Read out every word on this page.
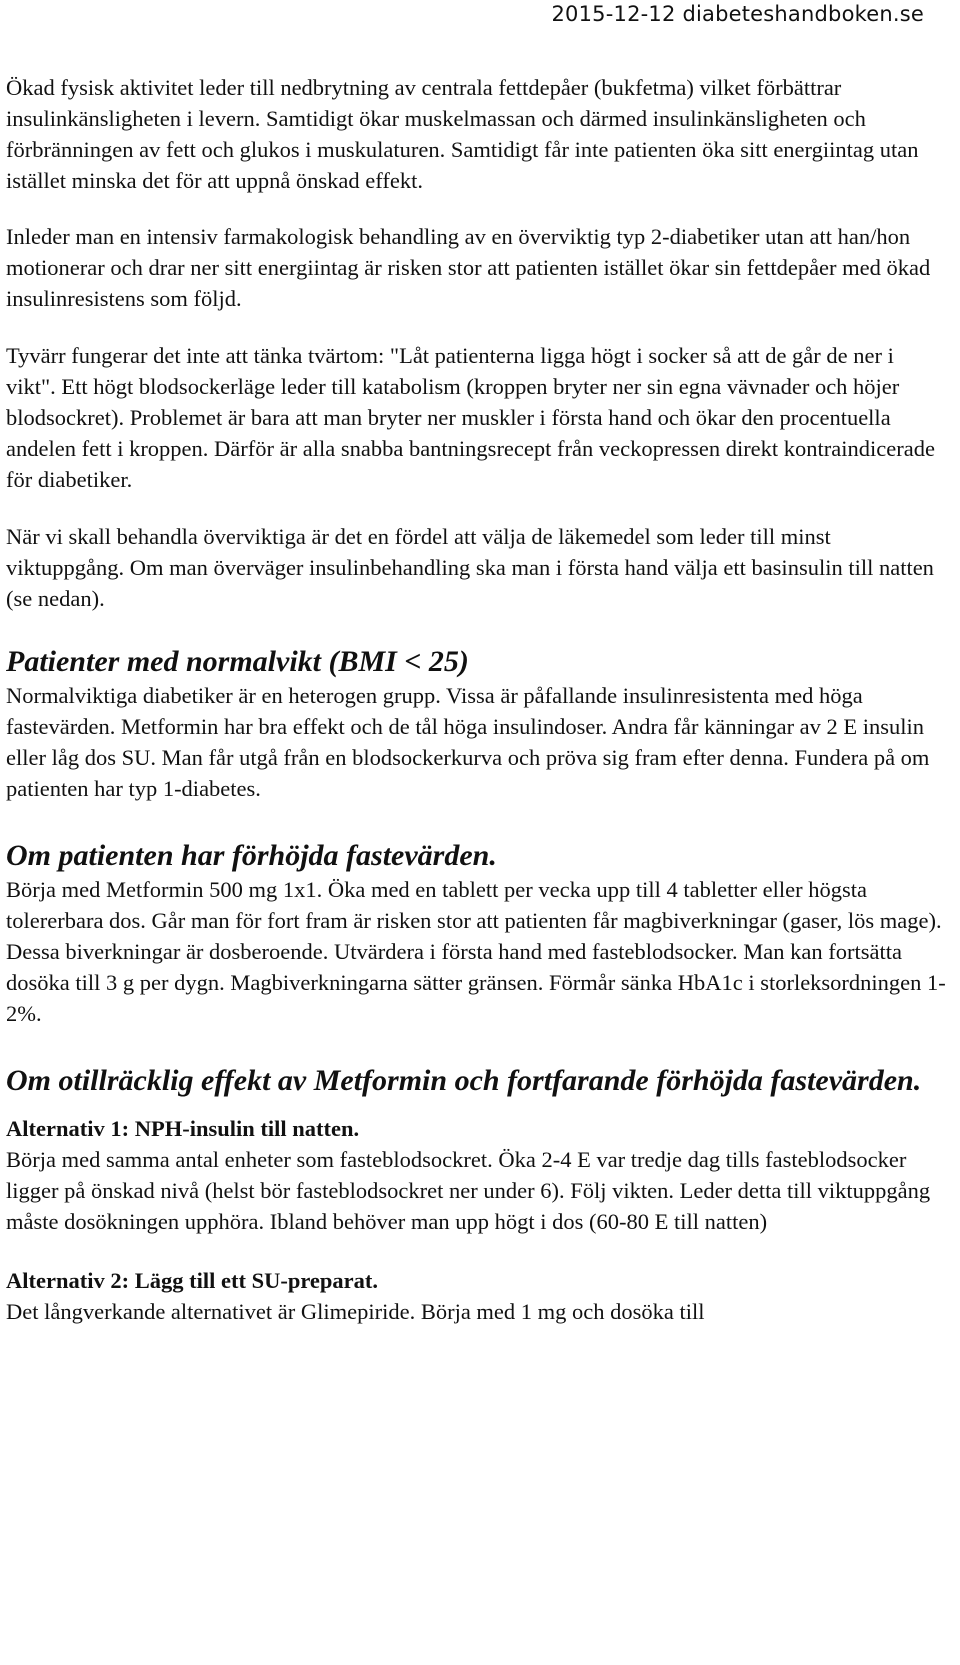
2015-12-12 diabeteshandboken.se

Ökad fysisk aktivitet leder till nedbrytning av centrala fettdepåer (bukfetma) vilket förbättrar insulinkänsligheten i levern. Samtidigt ökar muskelmassan och därmed insulinkänsligheten och förbränningen av fett och glukos i muskulaturen. Samtidigt får inte patienten öka sitt energiintag utan istället minska det för att uppnå önskad effekt.

Inleder man en intensiv farmakologisk behandling av en överviktig typ 2-diabetiker utan att han/hon motionerar och drar ner sitt energiintag är risken stor att patienten istället ökar sin fettdepåer med ökad insulinresistens som följd.

Tyvärr fungerar det inte att tänka tvärtom: "Låt patienterna ligga högt i socker så att de går de ner i vikt". Ett högt blodsockerläge leder till katabolism (kroppen bryter ner sin egna vävnader och höjer blodsockret). Problemet är bara att man bryter ner muskler i första hand och ökar den procentuella andelen fett i kroppen. Därför är alla snabba bantningsrecept från veckopressen direkt kontraindicerade för diabetiker.

När vi skall behandla överviktiga är det en fördel att välja de läkemedel som leder till minst viktuppgång. Om man överväger insulinbehandling ska man i första hand välja ett basinsulin till natten (se nedan).

Patienter med normalvikt (BMI < 25)

Normalviktiga diabetiker är en heterogen grupp. Vissa är påfallande insulinresistenta med höga fastevärden. Metformin har bra effekt och de tål höga insulindoser. Andra får känningar av 2 E insulin eller låg dos SU. Man får utgå från en blodsockerkurva och pröva sig fram efter denna. Fundera på om patienten har typ 1-diabetes.

Om patienten har förhöjda fastevärden.

Börja med Metformin 500 mg 1x1. Öka med en tablett per vecka upp till 4 tabletter eller högsta tolererbara dos. Går man för fort fram är risken stor att patienten får magbiverkningar (gaser, lös mage). Dessa biverkningar är dosberoende. Utvärdera i första hand med fasteblodsocker. Man kan fortsätta dosöka till 3 g per dygn. Magbiverkningarna sätter gränsen. Förmår sänka HbA1c i storleksordningen 1-2%.

Om otillräcklig effekt av Metformin och fortfarande förhöjda fastevärden.

Alternativ 1: NPH-insulin till natten.

Börja med samma antal enheter som fasteblodsockret. Öka 2-4 E var tredje dag tills fasteblodsocker ligger på önskad nivå (helst bör fasteblodsockret ner under 6). Följ vikten. Leder detta till viktuppgång måste dosökningen upphöra. Ibland behöver man upp högt i dos (60-80 E till natten)

Alternativ 2: Lägg till ett SU-preparat.

Det långverkande alternativet är Glimepiride. Börja med 1 mg och dosöka till
